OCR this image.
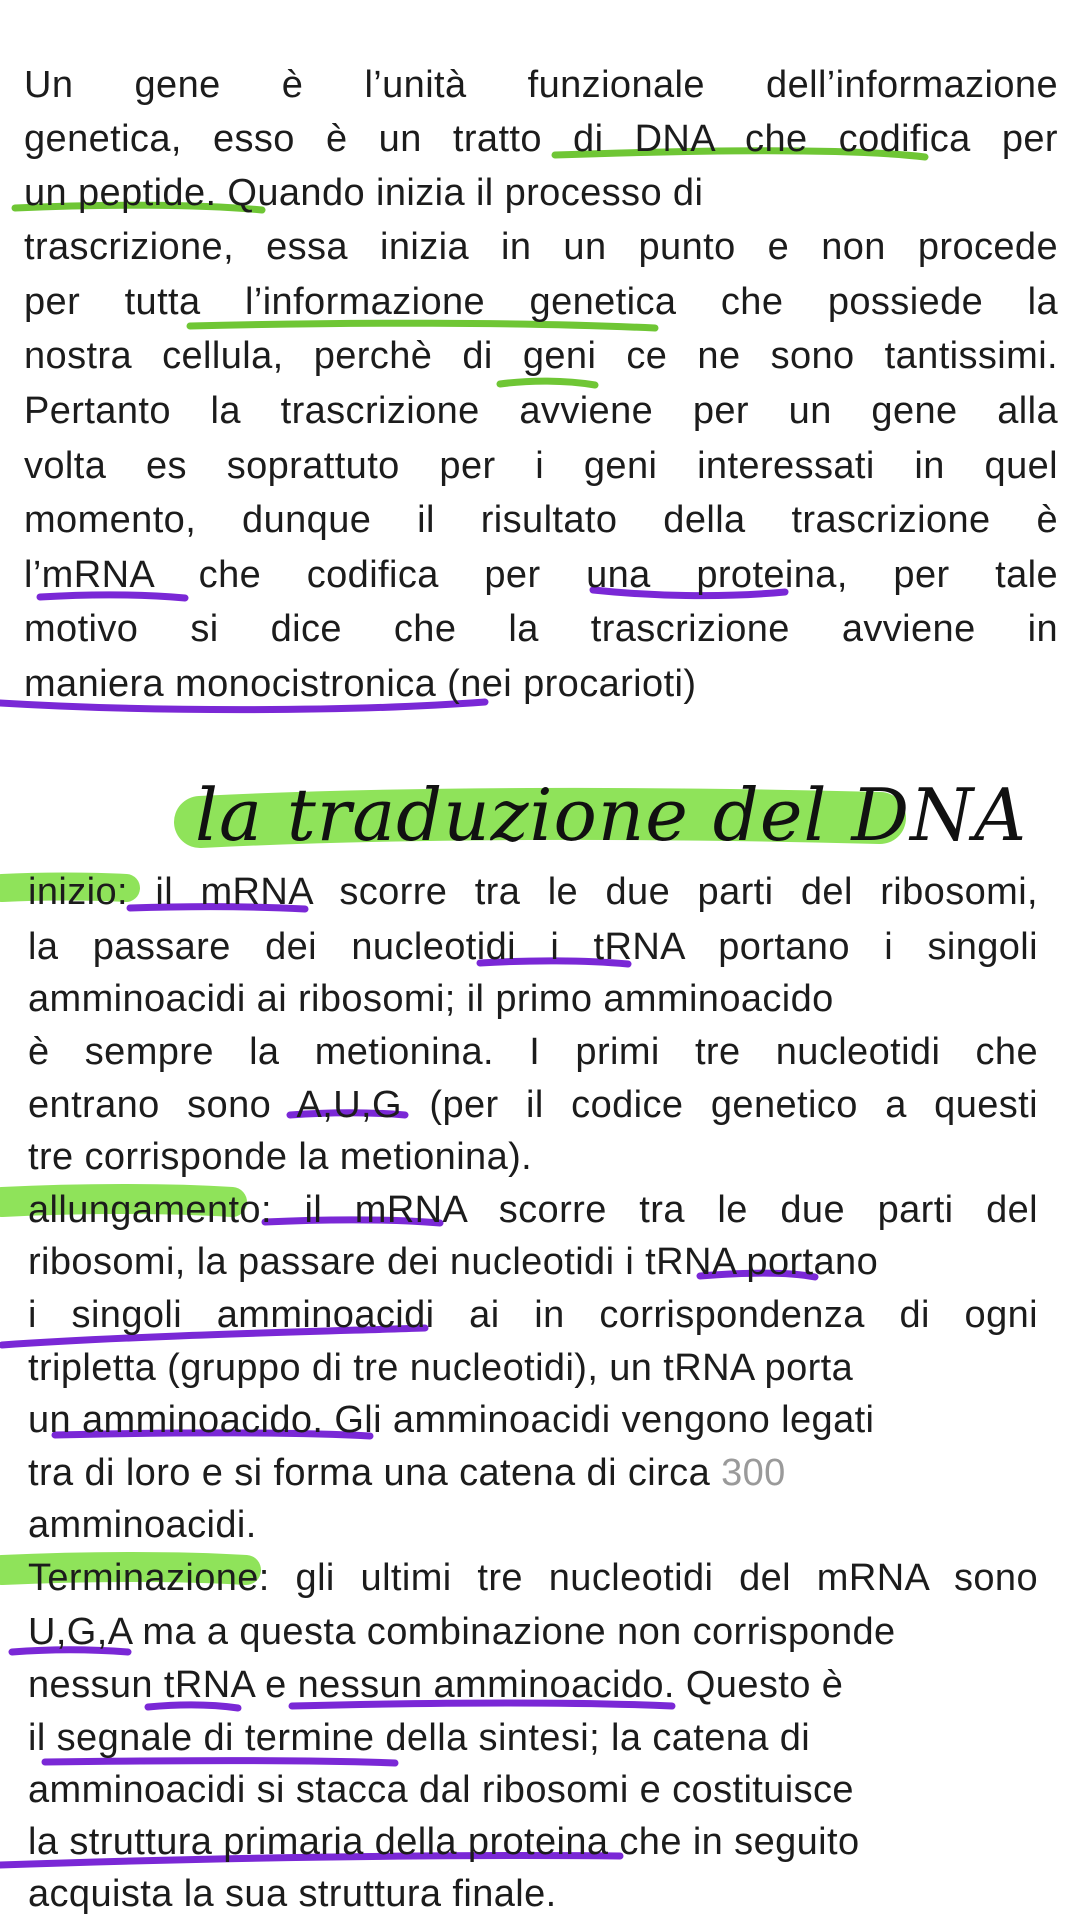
Un gene è l’unità funzionale dell’informazione
genetica, esso è un tratto di DNA che codifica per
un peptide. Quando inizia il processo di
trascrizione, essa inizia in un punto e non procede
per tutta l’informazione genetica che possiede la
nostra cellula, perchè di geni ce ne sono tantissimi.
Pertanto la trascrizione avviene per un gene alla
volta es soprattuto per i geni interessati in quel
momento, dunque il risultato della trascrizione è
l’mRNA che codifica per una proteina, per tale
motivo si dice che la trascrizione avviene in
maniera monocistronica (nei procarioti)
la traduzione del DNA
inizio: il mRNA scorre tra le due parti del ribosomi,
la passare dei nucleotidi i tRNA portano i singoli
amminoacidi ai ribosomi; il primo amminoacido
è sempre la metionina. I primi tre nucleotidi che
entrano sono A,U,G (per il codice genetico a questi
tre corrisponde la metionina).
allungamento: il mRNA scorre tra le due parti del
ribosomi, la passare dei nucleotidi i tRNA portano
i singoli amminoacidi ai in corrispondenza di ogni
tripletta (gruppo di tre nucleotidi), un tRNA porta
un amminoacido. Gli amminoacidi vengono legati
tra di loro e si forma una catena di circa 300
amminoacidi.
Terminazione: gli ultimi tre nucleotidi del mRNA sono
U,G,A ma a questa combinazione non corrisponde
nessun tRNA e nessun amminoacido. Questo è
il segnale di termine della sintesi; la catena di
amminoacidi si stacca dal ribosomi e costituisce
la struttura primaria della proteina che in seguito
acquista la sua struttura finale.
